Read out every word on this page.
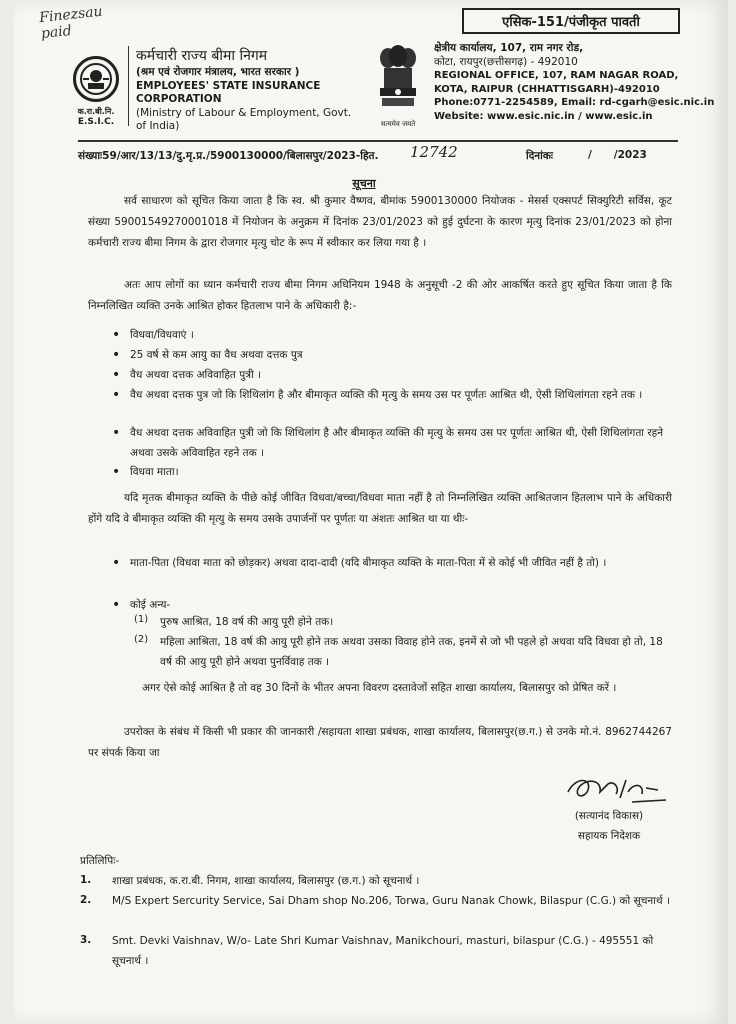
Finezsau
paid
एसिक-151/पंजीकृत पावती
क.रा.बी.नि.
E.S.I.C.
कर्मचारी राज्य बीमा निगम
(श्रम एवं रोजगार मंत्रालय, भारत सरकार )
EMPLOYEES' STATE INSURANCE
CORPORATION
(Ministry of Labour & Employment, Govt.
of India)	सत्यमेव जयते
क्षेत्रीय कार्यालय, 107, राम नगर रोड,
कोटा, रायपुर(छत्तीसगढ़) - 492010
REGIONAL OFFICE, 107, RAM NAGAR ROAD,
KOTA, RAIPUR (CHHATTISGARH)-492010
Phone:0771-2254589, Email: rd-cgarh@esic.nic.in
Website: www.esic.nic.in / www.esic.in
संख्याः59/आर/13/13/दु.मृ.प्र./5900130000/बिलासपुर/2023-हित. 12742	दिनांकः	/      /2023
सूचना
सर्व साधारण को सूचित किया जाता है कि स्व. श्री कुमार वैष्णव, बीमांक 5900130000 नियोजक - मेसर्स एक्सपर्ट सिक्युरिटी सर्विस, कूट संख्या 59001549270001018 में नियोजन के अनुक्रम में दिनांक 23/01/2023 को हुई दुर्घटना के कारण मृत्यु दिनांक 23/01/2023 को होना कर्मचारी राज्य बीमा निगम के द्वारा रोजगार मृत्यु चोट के रूप में स्वीकार कर लिया गया है ।
अतः आप लोगों का ध्यान कर्मचारी राज्य बीमा निगम अधिनियम 1948 के अनुसूची -2 की ओर आकर्षित करते हुए सूचित किया जाता है कि निम्नलिखित व्यक्ति उनके आश्रित होकर हितलाभ पाने के अधिकारी है:-
• विधवा/विधवाएं ।
• 25 वर्ष से कम आयु का वैध अथवा दत्तक पुत्र
• वैध अथवा दत्तक अविवाहित पुत्री ।
• वैध अथवा दत्तक पुत्र जो कि शिथिलांग है और बीमाकृत व्यक्ति की मृत्यु के समय उस पर पूर्णतः आश्रित थी, ऐसी शिथिलांगता रहने तक ।
• वैध अथवा दत्तक अविवाहित पुत्री जो कि शिथिलांग है और बीमाकृत व्यक्ति की मृत्यु के समय उस पर पूर्णतः आश्रित थी, ऐसी शिथिलांगता रहने अथवा उसके अविवाहित रहने तक ।
• विधवा माता।
यदि मृतक बीमाकृत व्यक्ति के पीछे कोई जीवित विधवा/बच्चा/विधवा माता नहीं है तो निम्नलिखित व्यक्ति आश्रितजान हितलाभ पाने के अधिकारी होंगे यदि वे बीमाकृत व्यक्ति की मृत्यु के समय उसके उपार्जनों पर पूर्णतः या अंशतः आश्रित था या थीः-
• माता-पिता (विधवा माता को छोड़कर) अथवा दादा-दादी (यदि बीमाकृत व्यक्ति के माता-पिता में से कोई भी जीवित नहीं है तो) ।
• कोई अन्य-
(1) पुरुष आश्रित, 18 वर्ष की आयु पूरी होने तक।
(2) महिला आश्रिता, 18 वर्ष की आयु पूरी होने तक अथवा उसका विवाह होने तक, इनमें से जो भी पहले हो अथवा यदि विधवा हो तो, 18 वर्ष की आयु पूरी होने अथवा पुनर्विवाह तक ।
अगर ऐसे कोई आश्रित है तो वह 30 दिनों के भीतर अपना विवरण दस्तावेजों सहित शाखा कार्यालय, बिलासपुर को प्रेषित करें ।
उपरोक्त के संबंध में किसी भी प्रकार की जानकारी /सहायता शाखा प्रबंधक, शाखा कार्यालय, बिलासपुर(छ.ग.) से उनके मो.नं. 8962744267 पर संपर्क किया जा
(सत्यानंद विकास)
सहायक निदेशक
प्रतिलिपिः-
1. शाखा प्रबंधक, क.रा.बी. निगम, शाखा कार्यालय, बिलासपुर (छ.ग.) को सूचनार्थ ।
2. M/S Expert Sercurity Service, Sai Dham shop No.206, Torwa, Guru Nanak Chowk, Bilaspur (C.G.) को सूचनार्थ ।
3. Smt. Devki Vaishnav, W/o- Late Shri Kumar Vaishnav, Manikchouri, masturi, bilaspur (C.G.) - 495551 को सूचनार्थ ।
